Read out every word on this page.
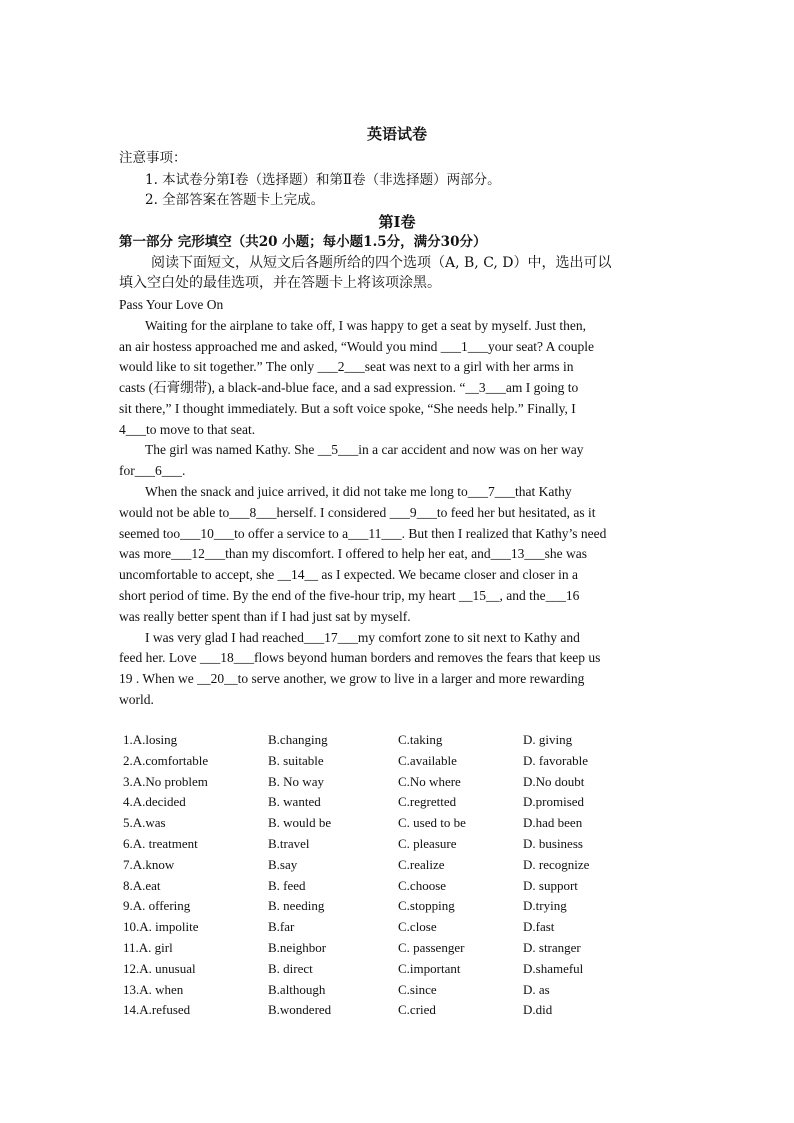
英语试卷
注意事项：
1. 本试卷分第Ⅰ卷（选择题）和第Ⅱ卷（非选择题）两部分。
2. 全部答案在答题卡上完成。
第Ⅰ卷
第一部分 完形填空（共20 小题；每小题1.5分，满分30分）
阅读下面短文，从短文后各题所给的四个选项（A, B, C, D）中，选出可以
填入空白处的最佳选项，并在答题卡上将该项涂黑。
Pass Your Love On
Waiting for the airplane to take off, I was happy to get a seat by myself. Just then,
an air hostess approached me and asked, “Would you mind ___1___your seat? A couple
would like to sit together.” The only ___2___seat was next to a girl with her arms in
casts (石膏绷带), a black-and-blue face, and a sad expression. “__3___am I going to
sit there,” I thought immediately. But a soft voice spoke, “She needs help.” Finally, I
4___to move to that seat.
The girl was named Kathy. She __5___in a car accident and now was on her way
for___6___.
When the snack and juice arrived, it did not take me long to___7___that Kathy
would not be able to___8___herself. I considered ___9___to feed her but hesitated, as it
seemed too___10___to offer a service to a___11___. But then I realized that Kathy’s need
was more___12___than my discomfort. I offered to help her eat, and___13___she was
uncomfortable to accept, she __14__ as I expected. We became closer and closer in a
short period of time. By the end of the five-hour trip, my heart __15__, and the___16
was really better spent than if I had just sat by myself.
I was very glad I had reached___17___my comfort zone to sit next to Kathy and
feed her. Love ___18___flows beyond human borders and removes the fears that keep us
19 . When we __20__to serve another, we grow to live in a larger and more rewarding
world.
1.A.losing	B.changing	C.taking	D. giving
2.A.comfortable	B. suitable	C.available	D. favorable
3.A.No problem	B. No way	C.No where	D.No doubt
4.A.decided	B. wanted	C.regretted	D.promised
5.A.was	B. would be	C. used to be	D.had been
6.A. treatment	B.travel	C. pleasure	D. business
7.A.know	B.say	C.realize	D. recognize
8.A.eat	B. feed	C.choose	D. support
9.A. offering	B. needing	C.stopping	D.trying
10.A. impolite	B.far	C.close	D.fast
11.A. girl	B.neighbor	C. passenger	D. stranger
12.A. unusual	B. direct	C.important	D.shameful
13.A. when	B.although	C.since	D. as
14.A.refused	B.wondered	C.cried	D.did
